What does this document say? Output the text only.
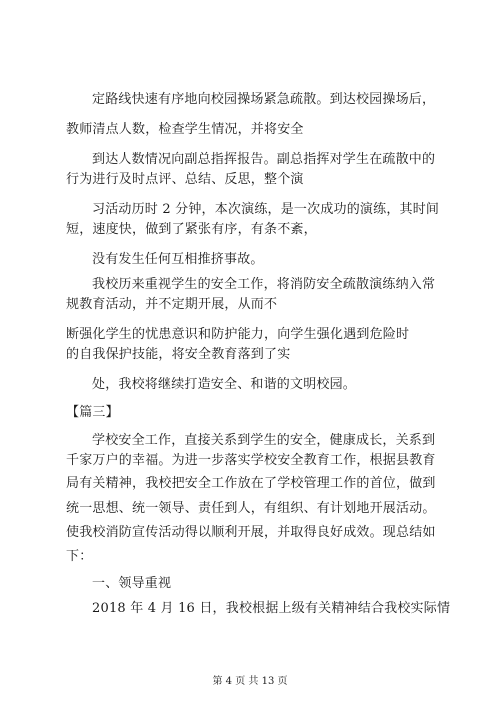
定路线快速有序地向校园操场紧急疏散。到达校园操场后，
教师清点人数，检查学生情况，并将安全
到达人数情况向副总指挥报告。副总指挥对学生在疏散中的
行为进行及时点评、总结、反思，整个演
习活动历时 2 分钟，本次演练，是一次成功的演练，其时间
短，速度快，做到了紧张有序，有条不紊，
没有发生任何互相推挤事故。
我校历来重视学生的安全工作，将消防安全疏散演练纳入常
规教育活动，并不定期开展，从而不
断强化学生的忧患意识和防护能力，向学生强化遇到危险时
的自我保护技能，将安全教育落到了实
处，我校将继续打造安全、和谐的文明校园。
【篇三】
学校安全工作，直接关系到学生的安全，健康成长，关系到
千家万户的幸福。为进一步落实学校安全教育工作，根据县教育
局有关精神，我校把安全工作放在了学校管理工作的首位，做到
统一思想、统一领导、责任到人，有组织、有计划地开展活动。
使我校消防宣传活动得以顺利开展，并取得良好成效。现总结如
下：
一、领导重视
2018 年 4 月 16 日，我校根据上级有关精神结合我校实际情
第 4 页 共 13 页
